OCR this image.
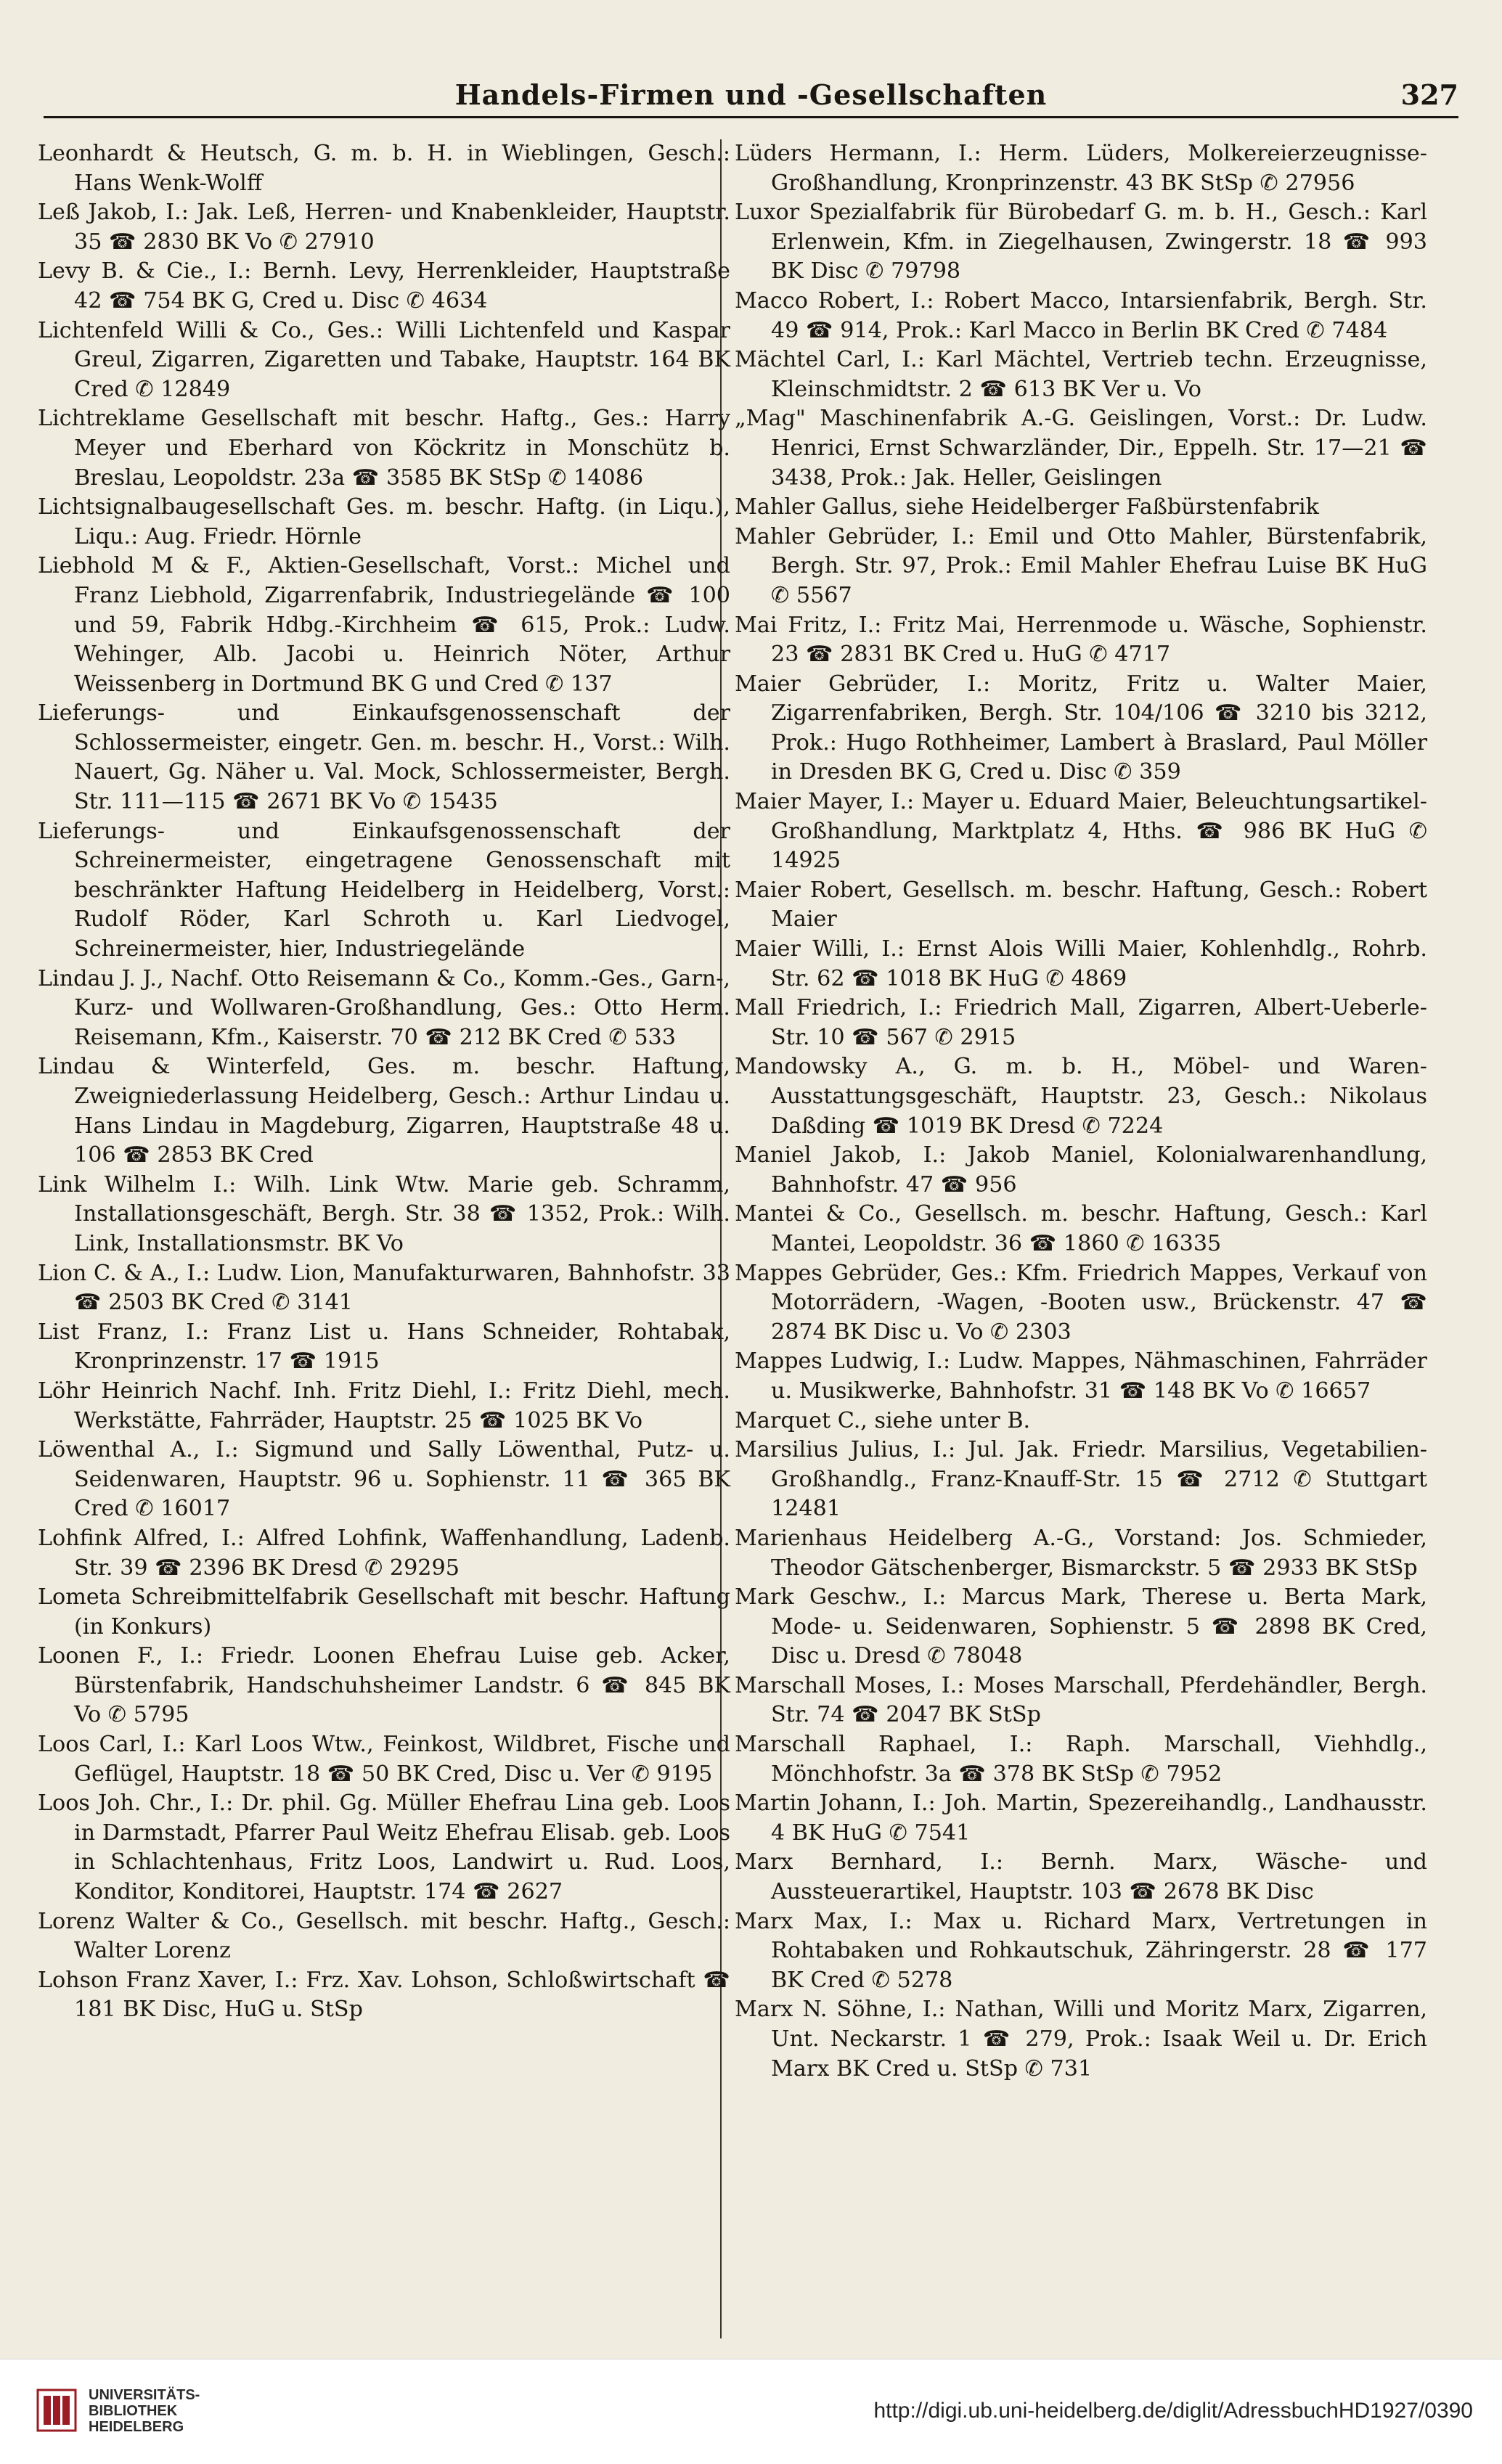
Handels-Firmen und -Gesellschaften	327
Leonhardt & Heutsch, G. m. b. H. in Wieblingen, Gesch.: Hans Wenk-Wolff
Leß Jakob, I.: Jak. Leß, Herren- und Knabenkleider, Hauptstr. 35 ☎ 2830 BK Vo ✆ 27910
Levy B. & Cie., I.: Bernh. Levy, Herrenkleider, Hauptstraße 42 ☎ 754 BK G, Cred u. Disc ✆ 4634
Lichtenfeld Willi & Co., Ges.: Willi Lichtenfeld und Kaspar Greul, Zigarren, Zigaretten und Tabake, Hauptstr. 164 BK Cred ✆ 12849
Lichtreklame Gesellschaft mit beschr. Haftg., Ges.: Harry Meyer und Eberhard von Köckritz in Monschütz b. Breslau, Leopoldstr. 23a ☎ 3585 BK StSp ✆ 14086
Lichtsignalbaugesellschaft Ges. m. beschr. Haftg. (in Liqu.), Liqu.: Aug. Friedr. Hörnle
Liebhold M & F., Aktien-Gesellschaft, Vorst.: Michel und Franz Liebhold, Zigarrenfabrik, Industriegelände ☎ 100 und 59, Fabrik Hdbg.-Kirchheim ☎ 615, Prok.: Ludw. Wehinger, Alb. Jacobi u. Heinrich Nöter, Arthur Weissenberg in Dortmund BK G und Cred ✆ 137
Lieferungs- und Einkaufsgenossenschaft der Schlossermeister, eingetr. Gen. m. beschr. H., Vorst.: Wilh. Nauert, Gg. Näher u. Val. Mock, Schlossermeister, Bergh. Str. 111—115 ☎ 2671 BK Vo ✆ 15435
Lieferungs- und Einkaufsgenossenschaft der Schreinermeister, eingetragene Genossenschaft mit beschränkter Haftung Heidelberg in Heidelberg, Vorst.: Rudolf Röder, Karl Schroth u. Karl Liedvogel, Schreinermeister, hier, Industriegelände
Lindau J. J., Nachf. Otto Reisemann & Co., Komm.-Ges., Garn-, Kurz- und Wollwaren-Großhandlung, Ges.: Otto Herm. Reisemann, Kfm., Kaiserstr. 70 ☎ 212 BK Cred ✆ 533
Lindau & Winterfeld, Ges. m. beschr. Haftung, Zweigniederlassung Heidelberg, Gesch.: Arthur Lindau u. Hans Lindau in Magdeburg, Zigarren, Hauptstraße 48 u. 106 ☎ 2853 BK Cred
Link Wilhelm I.: Wilh. Link Wtw. Marie geb. Schramm, Installationsgeschäft, Bergh. Str. 38 ☎ 1352, Prok.: Wilh. Link, Installationsmstr. BK Vo
Lion C. & A., I.: Ludw. Lion, Manufakturwaren, Bahnhofstr. 33 ☎ 2503 BK Cred ✆ 3141
List Franz, I.: Franz List u. Hans Schneider, Rohtabak, Kronprinzenstr. 17 ☎ 1915
Löhr Heinrich Nachf. Inh. Fritz Diehl, I.: Fritz Diehl, mech. Werkstätte, Fahrräder, Hauptstr. 25 ☎ 1025 BK Vo
Löwenthal A., I.: Sigmund und Sally Löwenthal, Putz- u. Seidenwaren, Hauptstr. 96 u. Sophienstr. 11 ☎ 365 BK Cred ✆ 16017
Lohfink Alfred, I.: Alfred Lohfink, Waffenhandlung, Ladenb. Str. 39 ☎ 2396 BK Dresd ✆ 29295
Lometa Schreibmittelfabrik Gesellschaft mit beschr. Haftung (in Konkurs)
Loonen F., I.: Friedr. Loonen Ehefrau Luise geb. Acker, Bürstenfabrik, Handschuhsheimer Landstr. 6 ☎ 845 BK Vo ✆ 5795
Loos Carl, I.: Karl Loos Wtw., Feinkost, Wildbret, Fische und Geflügel, Hauptstr. 18 ☎ 50 BK Cred, Disc u. Ver ✆ 9195
Loos Joh. Chr., I.: Dr. phil. Gg. Müller Ehefrau Lina geb. Loos in Darmstadt, Pfarrer Paul Weitz Ehefrau Elisab. geb. Loos in Schlachtenhaus, Fritz Loos, Landwirt u. Rud. Loos, Konditor, Konditorei, Hauptstr. 174 ☎ 2627
Lorenz Walter & Co., Gesellsch. mit beschr. Haftg., Gesch.: Walter Lorenz
Lohson Franz Xaver, I.: Frz. Xav. Lohson, Schloßwirtschaft ☎ 181 BK Disc, HuG u. StSp
Lüders Hermann, I.: Herm. Lüders, Molkereierzeugnisse-Großhandlung, Kronprinzenstr. 43 BK StSp ✆ 27956
Luxor Spezialfabrik für Bürobedarf G. m. b. H., Gesch.: Karl Erlenwein, Kfm. in Ziegelhausen, Zwingerstr. 18 ☎ 993 BK Disc ✆ 79798
Macco Robert, I.: Robert Macco, Intarsienfabrik, Bergh. Str. 49 ☎ 914, Prok.: Karl Macco in Berlin BK Cred ✆ 7484
Mächtel Carl, I.: Karl Mächtel, Vertrieb techn. Erzeugnisse, Kleinschmidtstr. 2 ☎ 613 BK Ver u. Vo
„Mag" Maschinenfabrik A.-G. Geislingen, Vorst.: Dr. Ludw. Henrici, Ernst Schwarzländer, Dir., Eppelh. Str. 17—21 ☎ 3438, Prok.: Jak. Heller, Geislingen
Mahler Gallus, siehe Heidelberger Faßbürstenfabrik
Mahler Gebrüder, I.: Emil und Otto Mahler, Bürstenfabrik, Bergh. Str. 97, Prok.: Emil Mahler Ehefrau Luise BK HuG ✆ 5567
Mai Fritz, I.: Fritz Mai, Herrenmode u. Wäsche, Sophienstr. 23 ☎ 2831 BK Cred u. HuG ✆ 4717
Maier Gebrüder, I.: Moritz, Fritz u. Walter Maier, Zigarrenfabriken, Bergh. Str. 104/106 ☎ 3210 bis 3212, Prok.: Hugo Rothheimer, Lambert à Braslard, Paul Möller in Dresden BK G, Cred u. Disc ✆ 359
Maier Mayer, I.: Mayer u. Eduard Maier, Beleuchtungsartikel-Großhandlung, Marktplatz 4, Hths. ☎ 986 BK HuG ✆ 14925
Maier Robert, Gesellsch. m. beschr. Haftung, Gesch.: Robert Maier
Maier Willi, I.: Ernst Alois Willi Maier, Kohlenhdlg., Rohrb. Str. 62 ☎ 1018 BK HuG ✆ 4869
Mall Friedrich, I.: Friedrich Mall, Zigarren, Albert-Ueberle-Str. 10 ☎ 567 ✆ 2915
Mandowsky A., G. m. b. H., Möbel- und Waren-Ausstattungsgeschäft, Hauptstr. 23, Gesch.: Nikolaus Daßding ☎ 1019 BK Dresd ✆ 7224
Maniel Jakob, I.: Jakob Maniel, Kolonialwarenhandlung, Bahnhofstr. 47 ☎ 956
Mantei & Co., Gesellsch. m. beschr. Haftung, Gesch.: Karl Mantei, Leopoldstr. 36 ☎ 1860 ✆ 16335
Mappes Gebrüder, Ges.: Kfm. Friedrich Mappes, Verkauf von Motorrädern, -Wagen, -Booten usw., Brückenstr. 47 ☎ 2874 BK Disc u. Vo ✆ 2303
Mappes Ludwig, I.: Ludw. Mappes, Nähmaschinen, Fahrräder u. Musikwerke, Bahnhofstr. 31 ☎ 148 BK Vo ✆ 16657
Marquet C., siehe unter B.
Marsilius Julius, I.: Jul. Jak. Friedr. Marsilius, Vegetabilien-Großhandlg., Franz-Knauff-Str. 15 ☎ 2712 ✆ Stuttgart 12481
Marienhaus Heidelberg A.-G., Vorstand: Jos. Schmieder, Theodor Gätschenberger, Bismarckstr. 5 ☎ 2933 BK StSp
Mark Geschw., I.: Marcus Mark, Therese u. Berta Mark, Mode- u. Seidenwaren, Sophienstr. 5 ☎ 2898 BK Cred, Disc u. Dresd ✆ 78048
Marschall Moses, I.: Moses Marschall, Pferdehändler, Bergh. Str. 74 ☎ 2047 BK StSp
Marschall Raphael, I.: Raph. Marschall, Viehhdlg., Mönchhofstr. 3a ☎ 378 BK StSp ✆ 7952
Martin Johann, I.: Joh. Martin, Spezereihandlg., Landhausstr. 4 BK HuG ✆ 7541
Marx Bernhard, I.: Bernh. Marx, Wäsche- und Aussteuerartikel, Hauptstr. 103 ☎ 2678 BK Disc
Marx Max, I.: Max u. Richard Marx, Vertretungen in Rohtabaken und Rohkautschuk, Zähringerstr. 28 ☎ 177 BK Cred ✆ 5278
Marx N. Söhne, I.: Nathan, Willi und Moritz Marx, Zigarren, Unt. Neckarstr. 1 ☎ 279, Prok.: Isaak Weil u. Dr. Erich Marx BK Cred u. StSp ✆ 731

UNIVERSITÄTS-
BIBLIOTHEK
HEIDELBERG

http://digi.ub.uni-heidelberg.de/diglit/AdressbuchHD1927/0390
